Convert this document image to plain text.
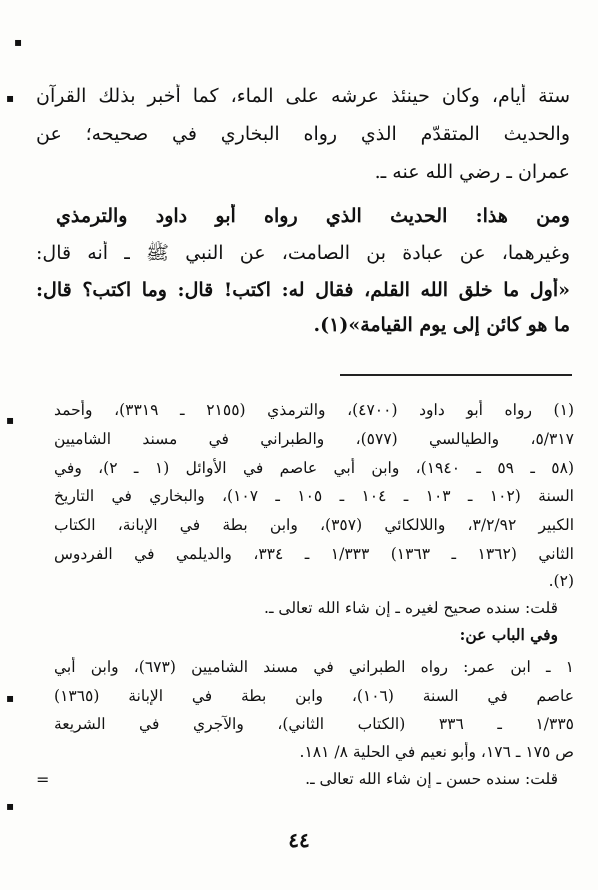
ستة أيام، وكان حينئذ عرشه على الماء، كما أخبر بذلك القرآن
والحديث المتقدّم الذي رواه البخاري في صحيحه؛ عن
عمران ـ رضي الله عنه ـ.
ومن هذا: الحديث الذي رواه أبو داود والترمذي
وغيرهما، عن عبادة بن الصامت، عن النبي ﷺ ـ أنه قال:
«أول ما خلق الله القلم، فقال له: اكتب! قال: وما اكتب؟ قال:
ما هو كائن إلى يوم القيامة»(١).
(١) رواه أبو داود (٤٧٠٠)، والترمذي (٢١٥٥ ـ ٣٣١٩)، وأحمد
٥/٣١٧، والطيالسي (٥٧٧)، والطبراني في مسند الشاميين
(٥٨ ـ ٥٩ ـ ١٩٤٠)، وابن أبي عاصم في الأوائل (١ ـ ٢)، وفي
السنة (١٠٢ ـ ١٠٣ ـ ١٠٤ ـ ١٠٥ ـ ١٠٧)، والبخاري في التاريخ
الكبير ٣/٢/٩٢، واللالكائي (٣٥٧)، وابن بطة في الإبانة، الكتاب
الثاني (١٣٦٢ ـ ١٣٦٣) ١/٣٣٣ ـ ٣٣٤، والديلمي في الفردوس
(٢).
قلت: سنده صحيح لغيره ـ إن شاء الله تعالى ـ.
وفي الباب عن:
١ ـ ابن عمر: رواه الطبراني في مسند الشاميين (٦٧٣)، وابن أبي
عاصم في السنة (١٠٦)، وابن بطة في الإبانة (١٣٦٥)
١/٣٣٥ ـ ٣٣٦ (الكتاب الثاني)، والآجري في الشريعة
ص ١٧٥ ـ ١٧٦، وأبو نعيم في الحلية ٨/ ١٨١.
قلت: سنده حسن ـ إن شاء الله تعالى ـ.
=
٤٤
▪
▪
▪
▪
▪
